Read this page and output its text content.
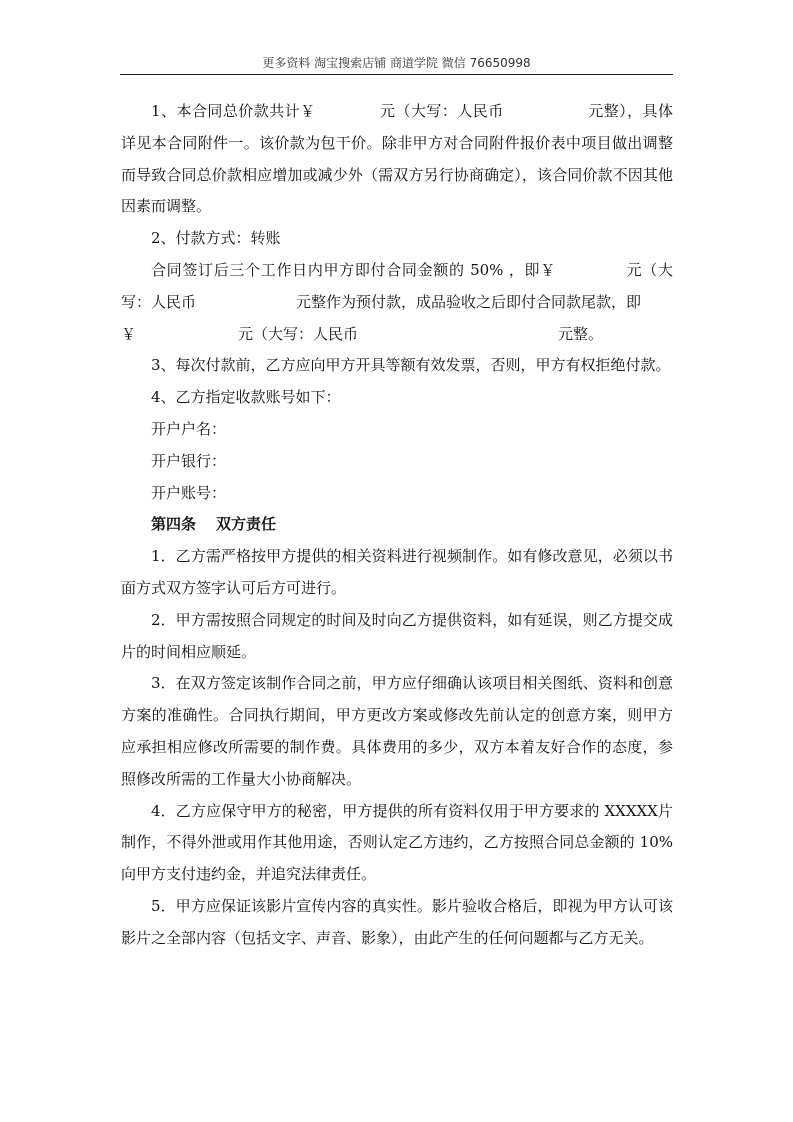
更多资料 淘宝搜索店铺 商道学院 微信 76650998

1、本合同总价款共计￥	元（大写：人民币	元整），具体详见本合同附件一。该价款为包干价。除非甲方对合同附件报价表中项目做出调整而导致合同总价款相应增加或减少外（需双方另行协商确定），该合同价款不因其他因素而调整。

2、付款方式：转账

合同签订后三个工作日内甲方即付合同金额的 50% ，即￥	元（大写：人民币	元整作为预付款，成品验收之后即付合同款尾款，即
￥	元（大写：人民币	元整。

3、每次付款前，乙方应向甲方开具等额有效发票，否则，甲方有权拒绝付款。

4、乙方指定收款账号如下：

开户户名：

开户银行：

开户账号：

第四条 双方责任

1．乙方需严格按甲方提供的相关资料进行视频制作。如有修改意见，必须以书面方式双方签字认可后方可进行。

2．甲方需按照合同规定的时间及时向乙方提供资料，如有延误，则乙方提交成片的时间相应顺延。

3．在双方签定该制作合同之前，甲方应仔细确认该项目相关图纸、资料和创意方案的准确性。合同执行期间，甲方更改方案或修改先前认定的创意方案，则甲方应承担相应修改所需要的制作费。具体费用的多少，双方本着友好合作的态度，参照修改所需的工作量大小协商解决。

4．乙方应保守甲方的秘密，甲方提供的所有资料仅用于甲方要求的 XXXXX片 制作，不得外泄或用作其他用途，否则认定乙方违约，乙方按照合同总金额的 10% 向甲方支付违约金，并追究法律责任。

5．甲方应保证该影片宣传内容的真实性。影片验收合格后，即视为甲方认可该影片之全部内容（包括文字、声音、影象），由此产生的任何问题都与乙方无关。
